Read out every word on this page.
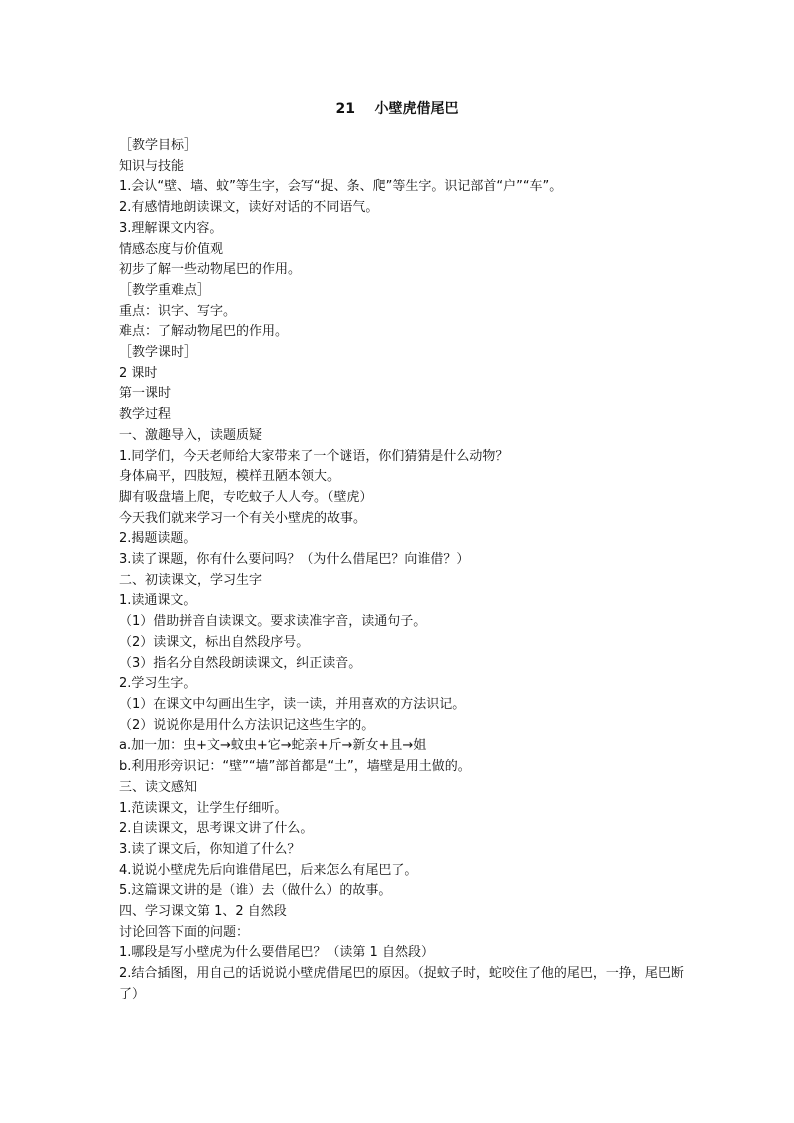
21    小壁虎借尾巴
［教学目标］
知识与技能
1.会认“壁、墙、蚊”等生字，会写“捉、条、爬”等生字。识记部首“户”“车”。
2.有感情地朗读课文，读好对话的不同语气。
3.理解课文内容。
情感态度与价值观
初步了解一些动物尾巴的作用。
［教学重难点］
重点：识字、写字。
难点：了解动物尾巴的作用。
［教学课时］
2 课时
第一课时
教学过程
一、激趣导入，读题质疑
1.同学们，今天老师给大家带来了一个谜语，你们猜猜是什么动物？
身体扁平，四肢短，模样丑陋本领大。
脚有吸盘墙上爬，专吃蚊子人人夸。（壁虎）
今天我们就来学习一个有关小壁虎的故事。
2.揭题读题。
3.读了课题，你有什么要问吗？（为什么借尾巴？向谁借？）
二、初读课文，学习生字
1.读通课文。
（1）借助拼音自读课文。要求读准字音，读通句子。
（2）读课文，标出自然段序号。
（3）指名分自然段朗读课文，纠正读音。
2.学习生字。
（1）在课文中勾画出生字，读一读，并用喜欢的方法识记。
（2）说说你是用什么方法识记这些生字的。
a.加一加：虫+文→蚊虫+它→蛇亲+斤→新女+且→姐
b.利用形旁识记：“壁”“墙”部首都是“土”，墙壁是用土做的。
三、读文感知
1.范读课文，让学生仔细听。
2.自读课文，思考课文讲了什么。
3.读了课文后，你知道了什么？
4.说说小壁虎先后向谁借尾巴，后来怎么有尾巴了。
5.这篇课文讲的是（谁）去（做什么）的故事。
四、学习课文第 1、2 自然段
讨论回答下面的问题：
1.哪段是写小壁虎为什么要借尾巴？（读第 1 自然段）
2.结合插图，用自己的话说说小壁虎借尾巴的原因。（捉蚊子时，蛇咬住了他的尾巴，一挣，尾巴断了）
